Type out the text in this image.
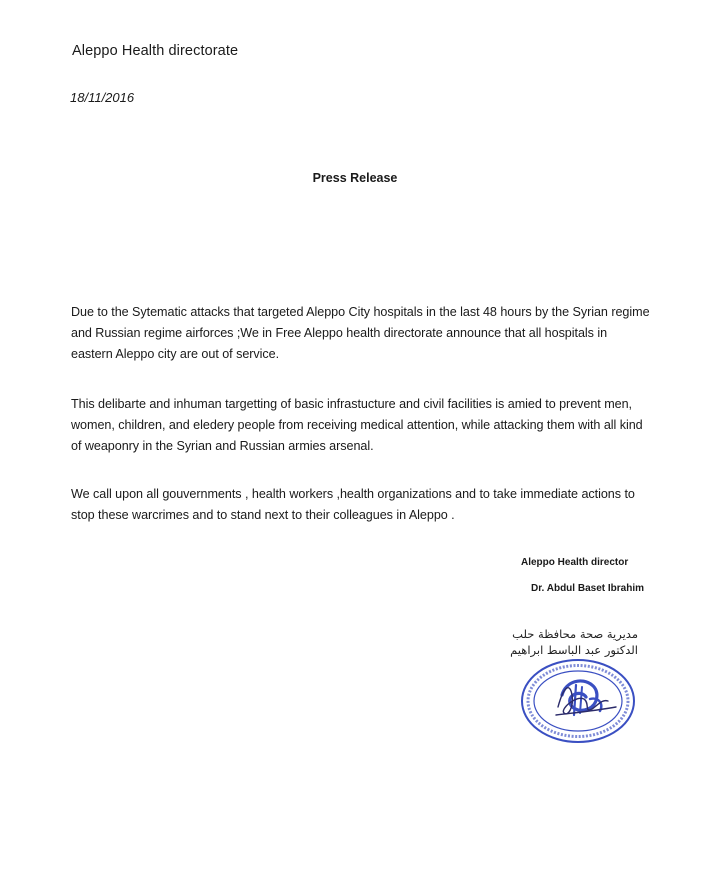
Aleppo Health directorate
18/11/2016
Press Release
Due to the Sytematic attacks that targeted Aleppo City hospitals in the last 48 hours by the Syrian regime and Russian regime airforces ;We in Free Aleppo health directorate announce that all hospitals in eastern Aleppo city are out of service.
This delibarte and inhuman targetting of basic infrastucture and civil facilities is amied to prevent men, women, children, and eledery people from receiving medical attention, while attacking them with all kind of weaponry in the Syrian and Russian armies arsenal.
We call upon all gouvernments , health workers ,health organizations and to take immediate actions to stop these warcrimes and to stand next to their colleagues in Aleppo .
Aleppo Health director
Dr. Abdul Baset Ibrahim
مديرية صحة محافظة حلب
الدكتور عبد الباسط ابراهيم
